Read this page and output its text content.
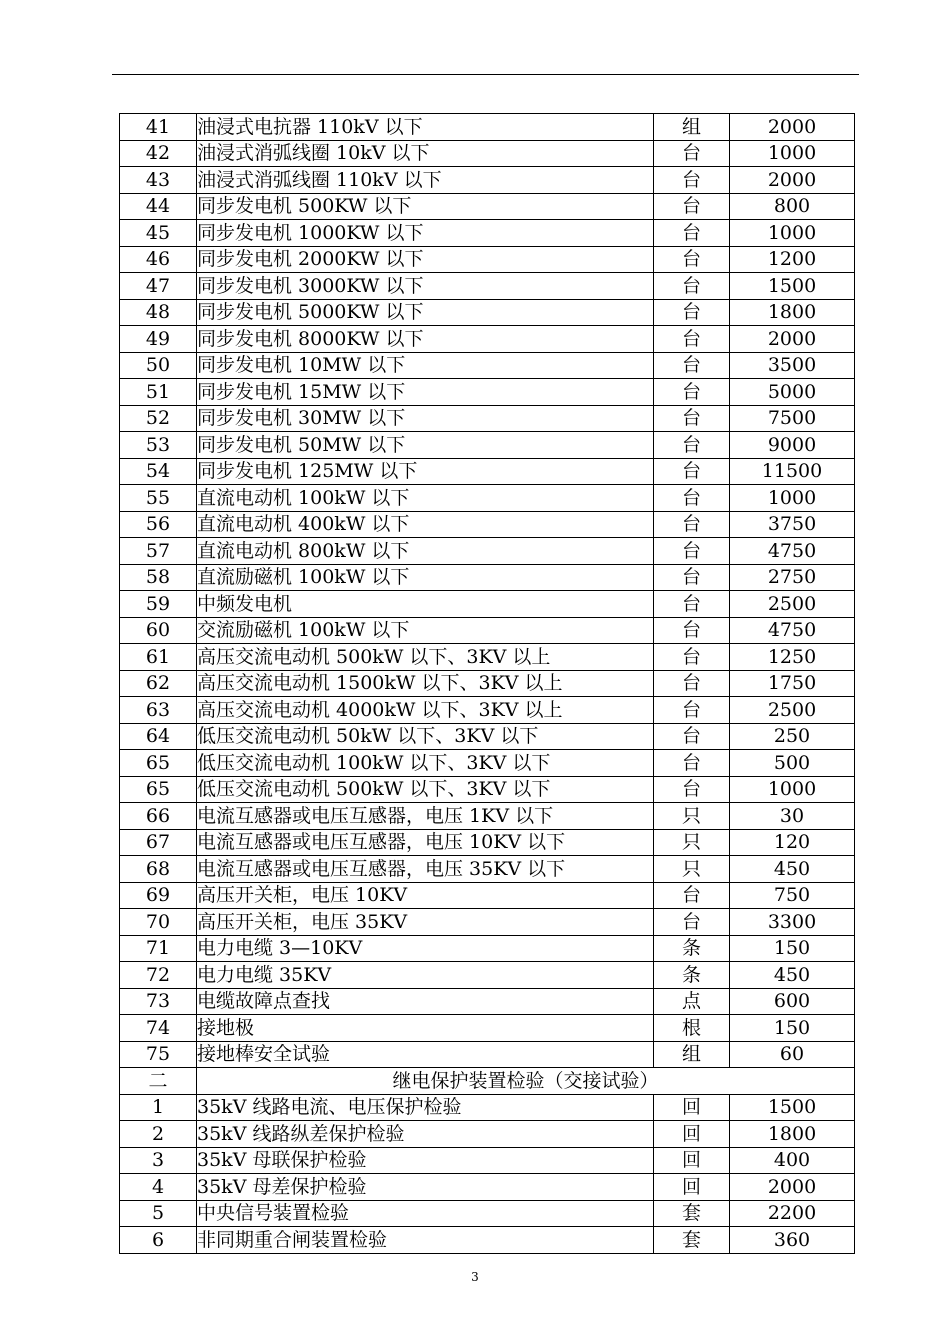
41	油浸式电抗器 110kV 以下	组	2000
42	油浸式消弧线圈 10kV 以下	台	1000
43	油浸式消弧线圈 110kV 以下	台	2000
44	同步发电机 500KW 以下	台	800
45	同步发电机 1000KW 以下	台	1000
46	同步发电机 2000KW 以下	台	1200
47	同步发电机 3000KW 以下	台	1500
48	同步发电机 5000KW 以下	台	1800
49	同步发电机 8000KW 以下	台	2000
50	同步发电机 10MW 以下	台	3500
51	同步发电机 15MW 以下	台	5000
52	同步发电机 30MW 以下	台	7500
53	同步发电机 50MW 以下	台	9000
54	同步发电机 125MW 以下	台	11500
55	直流电动机 100kW 以下	台	1000
56	直流电动机 400kW 以下	台	3750
57	直流电动机 800kW 以下	台	4750
58	直流励磁机 100kW 以下	台	2750
59	中频发电机	台	2500
60	交流励磁机 100kW 以下	台	4750
61	高压交流电动机 500kW 以下、3KV 以上	台	1250
62	高压交流电动机 1500kW 以下、3KV 以上	台	1750
63	高压交流电动机 4000kW 以下、3KV 以上	台	2500
64	低压交流电动机 50kW 以下、3KV 以下	台	250
65	低压交流电动机 100kW 以下、3KV 以下	台	500
65	低压交流电动机 500kW 以下、3KV 以下	台	1000
66	电流互感器或电压互感器，电压 1KV 以下	只	30
67	电流互感器或电压互感器，电压 10KV 以下	只	120
68	电流互感器或电压互感器，电压 35KV 以下	只	450
69	高压开关柜，电压 10KV	台	750
70	高压开关柜，电压 35KV	台	3300
71	电力电缆 3—10KV	条	150
72	电力电缆 35KV	条	450
73	电缆故障点查找	点	600
74	接地极	根	150
75	接地棒安全试验	组	60
二	继电保护装置检验（交接试验）		
1	35kV 线路电流、电压保护检验	回	1500
2	35kV 线路纵差保护检验	回	1800
3	35kV 母联保护检验	回	400
4	35kV 母差保护检验	回	2000
5	中央信号装置检验	套	2200
6	非同期重合闸装置检验	套	360
3
